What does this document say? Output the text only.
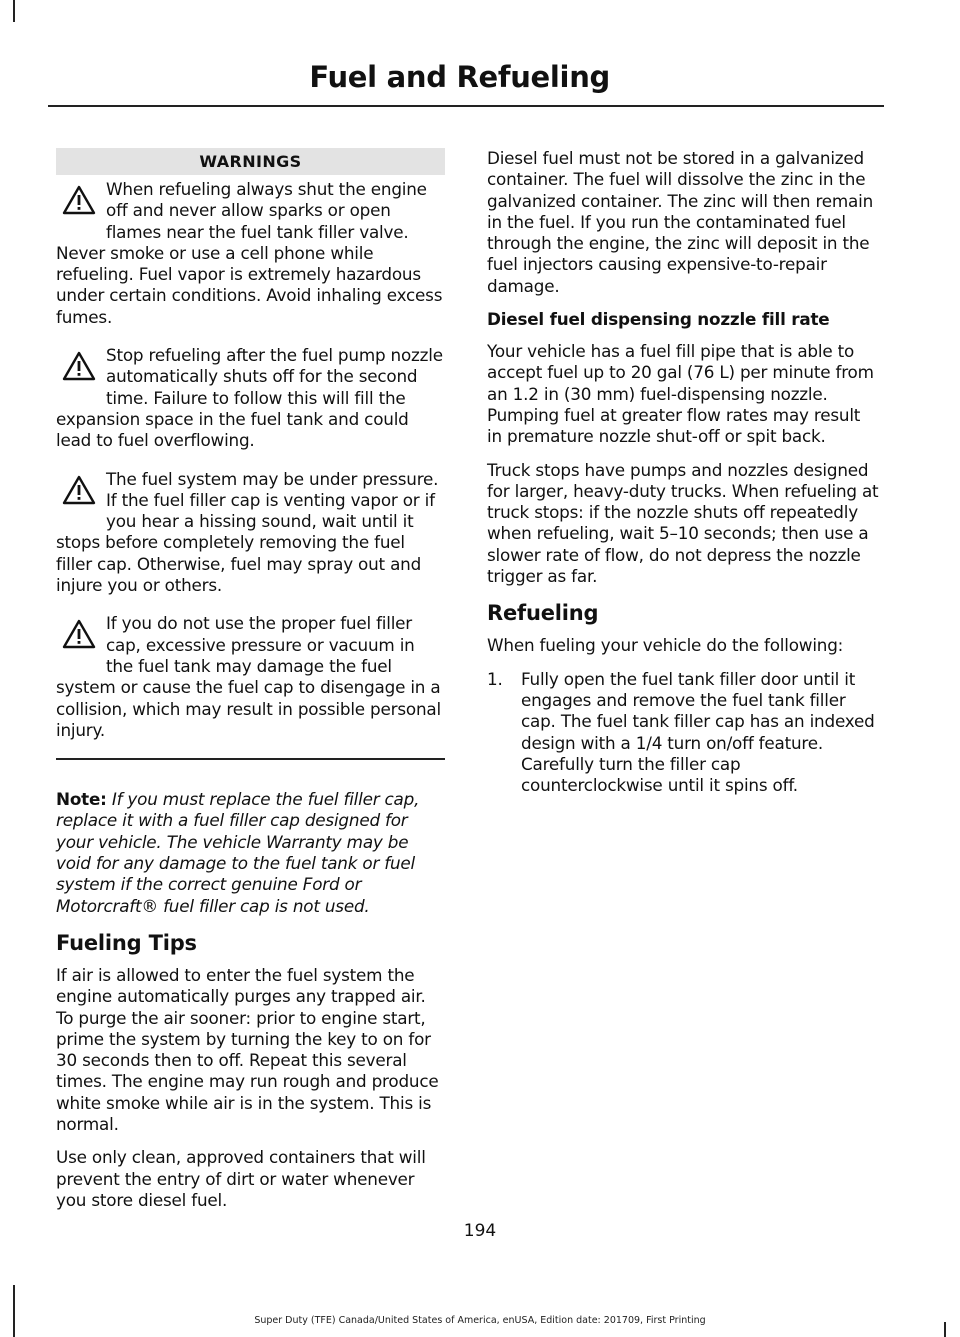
Fuel and Refueling
WARNINGS
When refueling always shut the engine off and never allow sparks or open flames near the fuel tank filler valve. Never smoke or use a cell phone while refueling. Fuel vapor is extremely hazardous under certain conditions. Avoid inhaling excess fumes.
Stop refueling after the fuel pump nozzle automatically shuts off for the second time. Failure to follow this will fill the expansion space in the fuel tank and could lead to fuel overflowing.
The fuel system may be under pressure. If the fuel filler cap is venting vapor or if you hear a hissing sound, wait until it stops before completely removing the fuel filler cap. Otherwise, fuel may spray out and injure you or others.
If you do not use the proper fuel filler cap, excessive pressure or vacuum in the fuel tank may damage the fuel system or cause the fuel cap to disengage in a collision, which may result in possible personal injury.

Note: If you must replace the fuel filler cap, replace it with a fuel filler cap designed for your vehicle. The vehicle Warranty may be void for any damage to the fuel tank or fuel system if the correct genuine Ford or Motorcraft® fuel filler cap is not used.

Fueling Tips

If air is allowed to enter the fuel system the engine automatically purges any trapped air. To purge the air sooner: prior to engine start, prime the system by turning the key to on for 30 seconds then to off. Repeat this several times. The engine may run rough and produce white smoke while air is in the system. This is normal.

Use only clean, approved containers that will prevent the entry of dirt or water whenever you store diesel fuel.

Diesel fuel must not be stored in a galvanized container. The fuel will dissolve the zinc in the galvanized container. The zinc will then remain in the fuel. If you run the contaminated fuel through the engine, the zinc will deposit in the fuel injectors causing expensive-to-repair damage.

Diesel fuel dispensing nozzle fill rate

Your vehicle has a fuel fill pipe that is able to accept fuel up to 20 gal (76 L) per minute from an 1.2 in (30 mm) fuel-dispensing nozzle. Pumping fuel at greater flow rates may result in premature nozzle shut-off or spit back.

Truck stops have pumps and nozzles designed for larger, heavy-duty trucks. When refueling at truck stops: if the nozzle shuts off repeatedly when refueling, wait 5–10 seconds; then use a slower rate of flow, do not depress the nozzle trigger as far.

Refueling

When fueling your vehicle do the following:

1.	Fully open the fuel tank filler door until it engages and remove the fuel tank filler cap. The fuel tank filler cap has an indexed design with a 1/4 turn on/off feature. Carefully turn the filler cap counterclockwise until it spins off.
194
Super Duty (TFE) Canada/United States of America, enUSA, Edition date: 201709, First Printing
